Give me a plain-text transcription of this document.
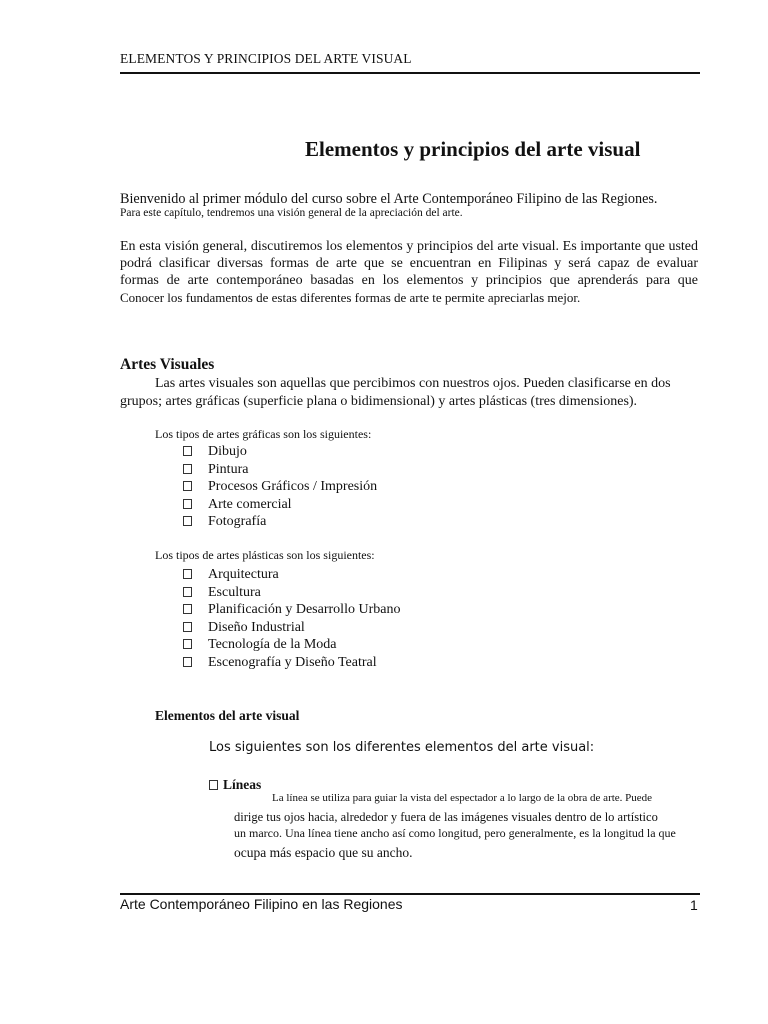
ELEMENTOS Y PRINCIPIOS DEL ARTE VISUAL
Elementos y principios del arte visual
Bienvenido al primer módulo del curso sobre el Arte Contemporáneo Filipino de las Regiones.
Para este capítulo, tendremos una visión general de la apreciación del arte.
En esta visión general, discutiremos los elementos y principios del arte visual. Es importante que usted
podrá clasificar diversas formas de arte que se encuentran en Filipinas y será capaz de evaluar
formas de arte contemporáneo basadas en los elementos y principios que aprenderás para que
Conocer los fundamentos de estas diferentes formas de arte te permite apreciarlas mejor.
Artes Visuales
Las artes visuales son aquellas que percibimos con nuestros ojos. Pueden clasificarse en dos
grupos; artes gráficas (superficie plana o bidimensional) y artes plásticas (tres dimensiones).
Los tipos de artes gráficas son los siguientes:
Dibujo
Pintura
Procesos Gráficos / Impresión
Arte comercial
Fotografía
Los tipos de artes plásticas son los siguientes:
Arquitectura
Escultura
Planificación y Desarrollo Urbano
Diseño Industrial
Tecnología de la Moda
Escenografía y Diseño Teatral
Elementos del arte visual
Los siguientes son los diferentes elementos del arte visual:
Líneas
La línea se utiliza para guiar la vista del espectador a lo largo de la obra de arte. Puede
dirige tus ojos hacia, alrededor y fuera de las imágenes visuales dentro de lo artístico
un marco. Una línea tiene ancho así como longitud, pero generalmente, es la longitud la que
ocupa más espacio que su ancho.
Arte Contemporáneo Filipino en las Regiones	1
